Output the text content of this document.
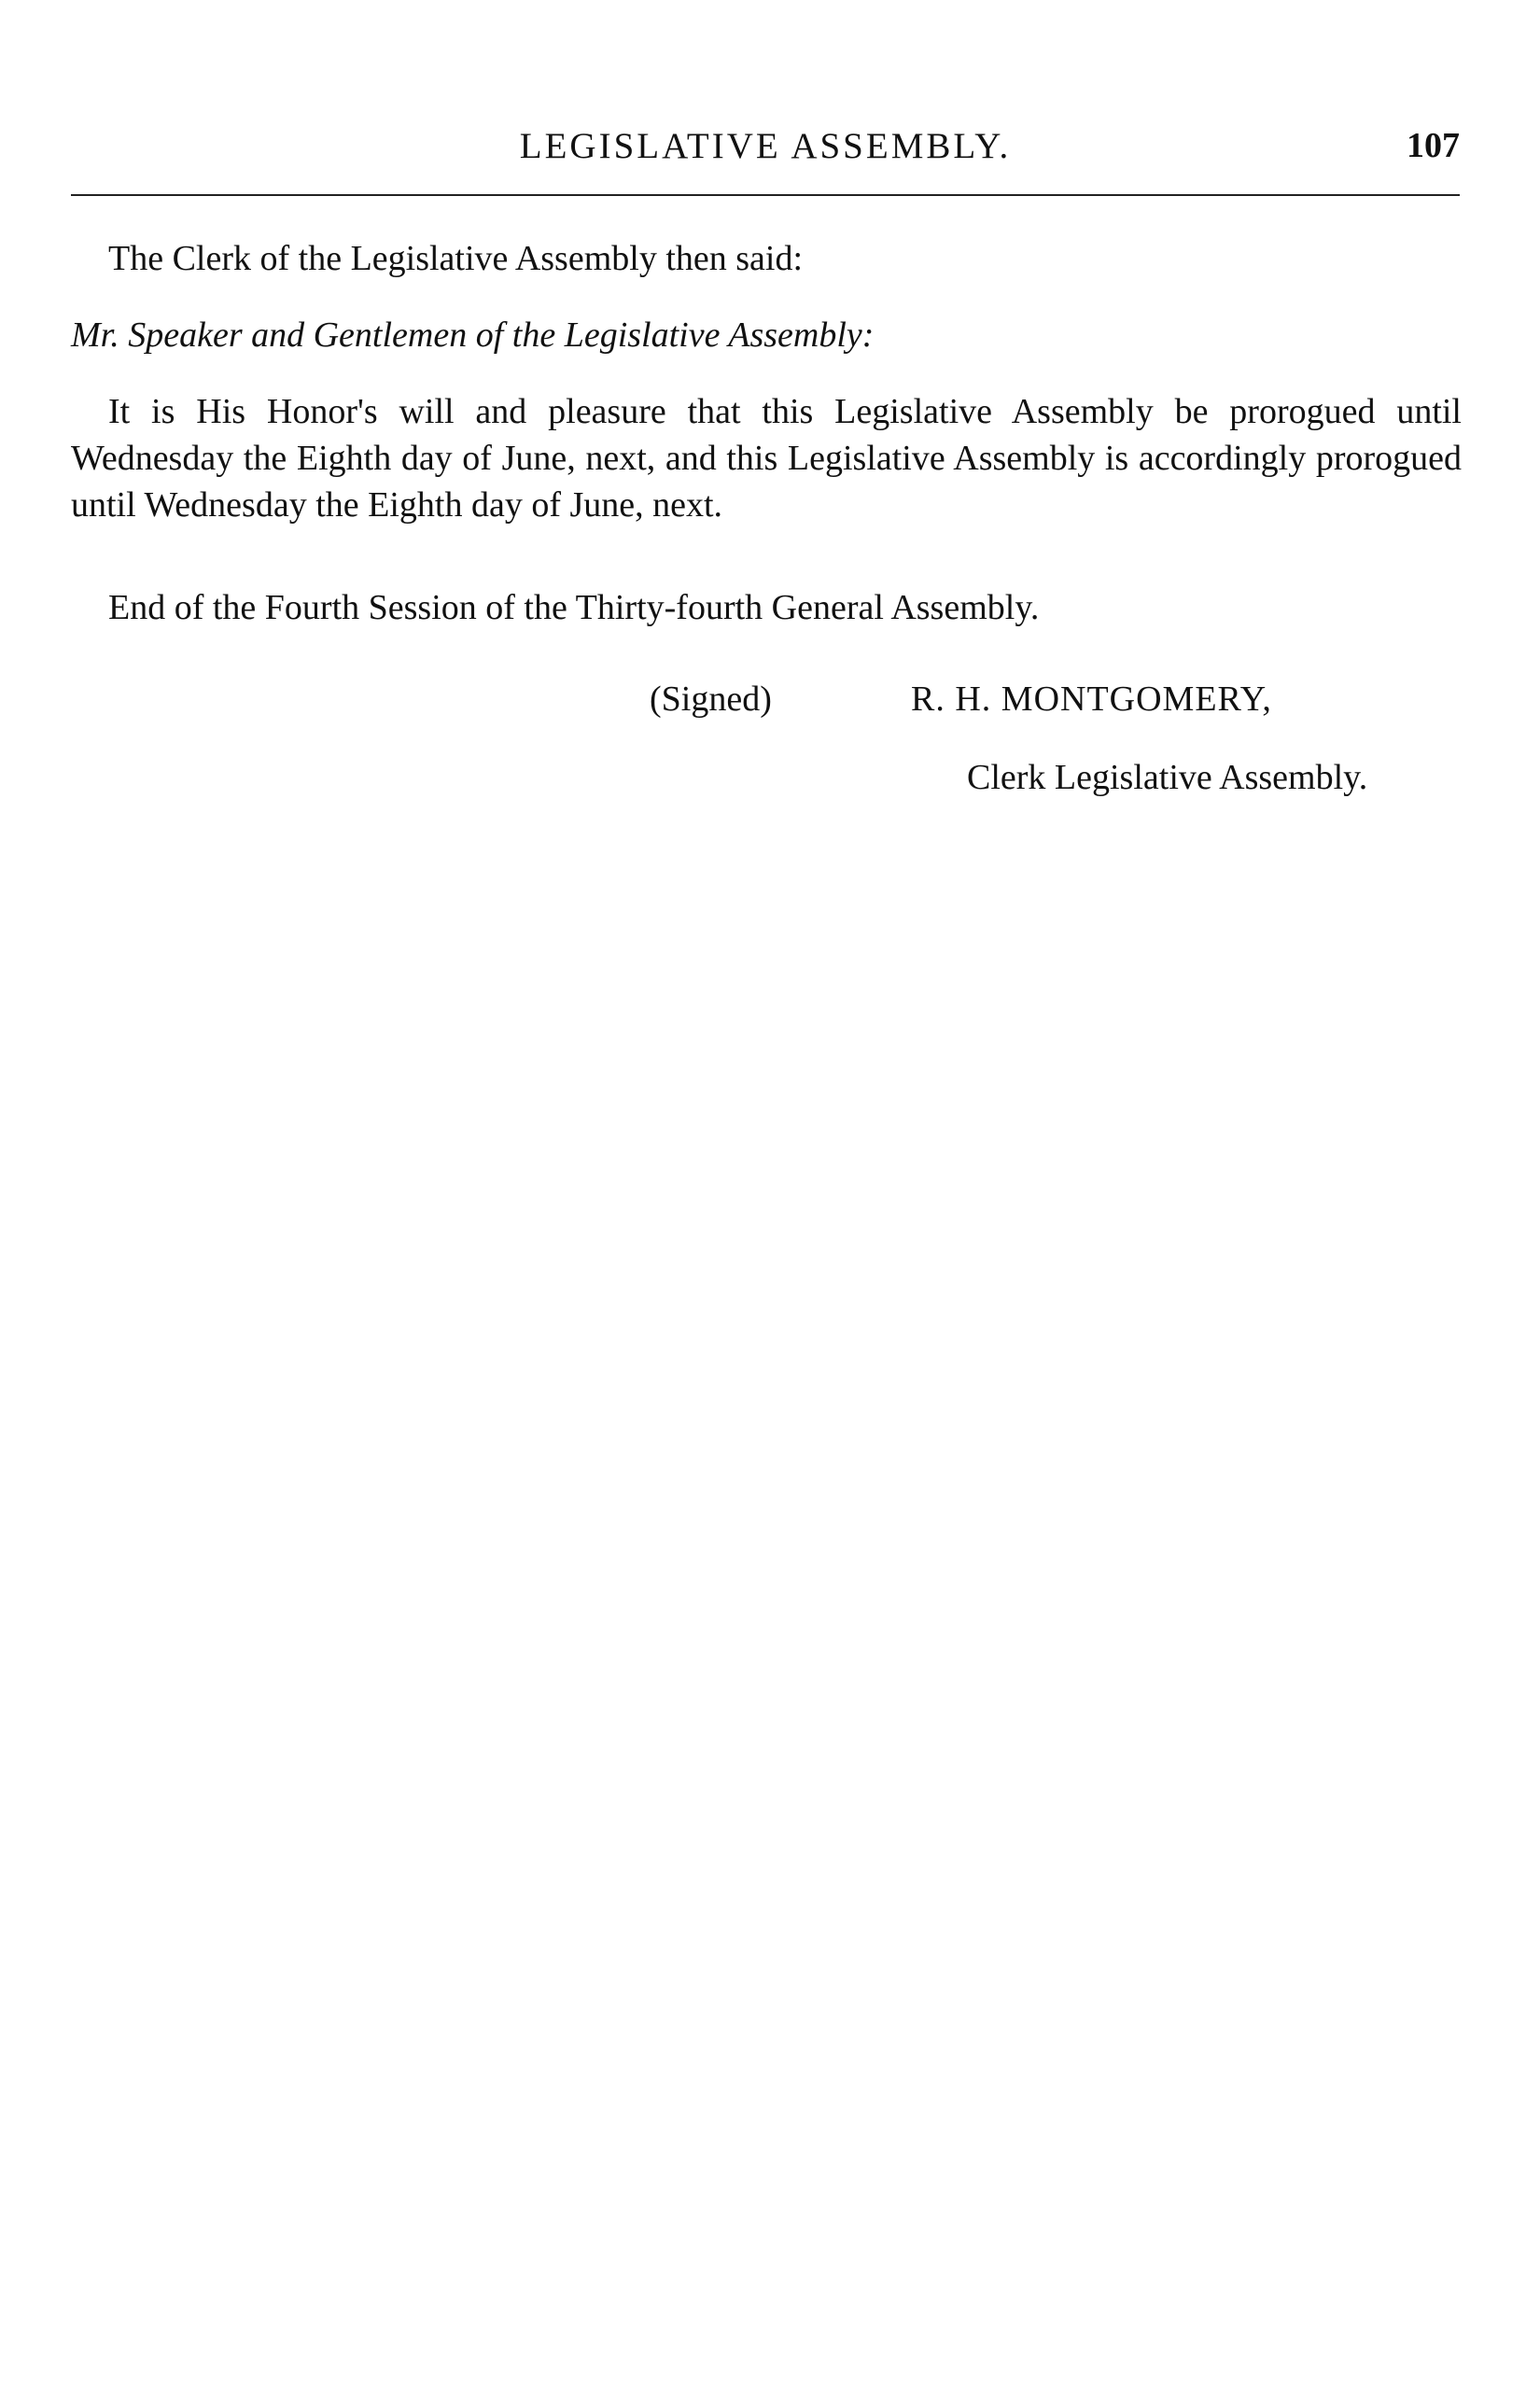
LEGISLATIVE ASSEMBLY.	107

The Clerk of the Legislative Assembly then said:

Mr. Speaker and Gentlemen of the Legislative Assembly:

It is His Honor's will and pleasure that this Legislative Assembly be prorogued until Wednesday the Eighth day of June, next, and this Legislative Assembly is accordingly prorogued until Wednesday the Eighth day of June, next.

End of the Fourth Session of the Thirty-fourth General Assembly.

(Signed)	R. H. MONTGOMERY,
Clerk Legislative Assembly.
